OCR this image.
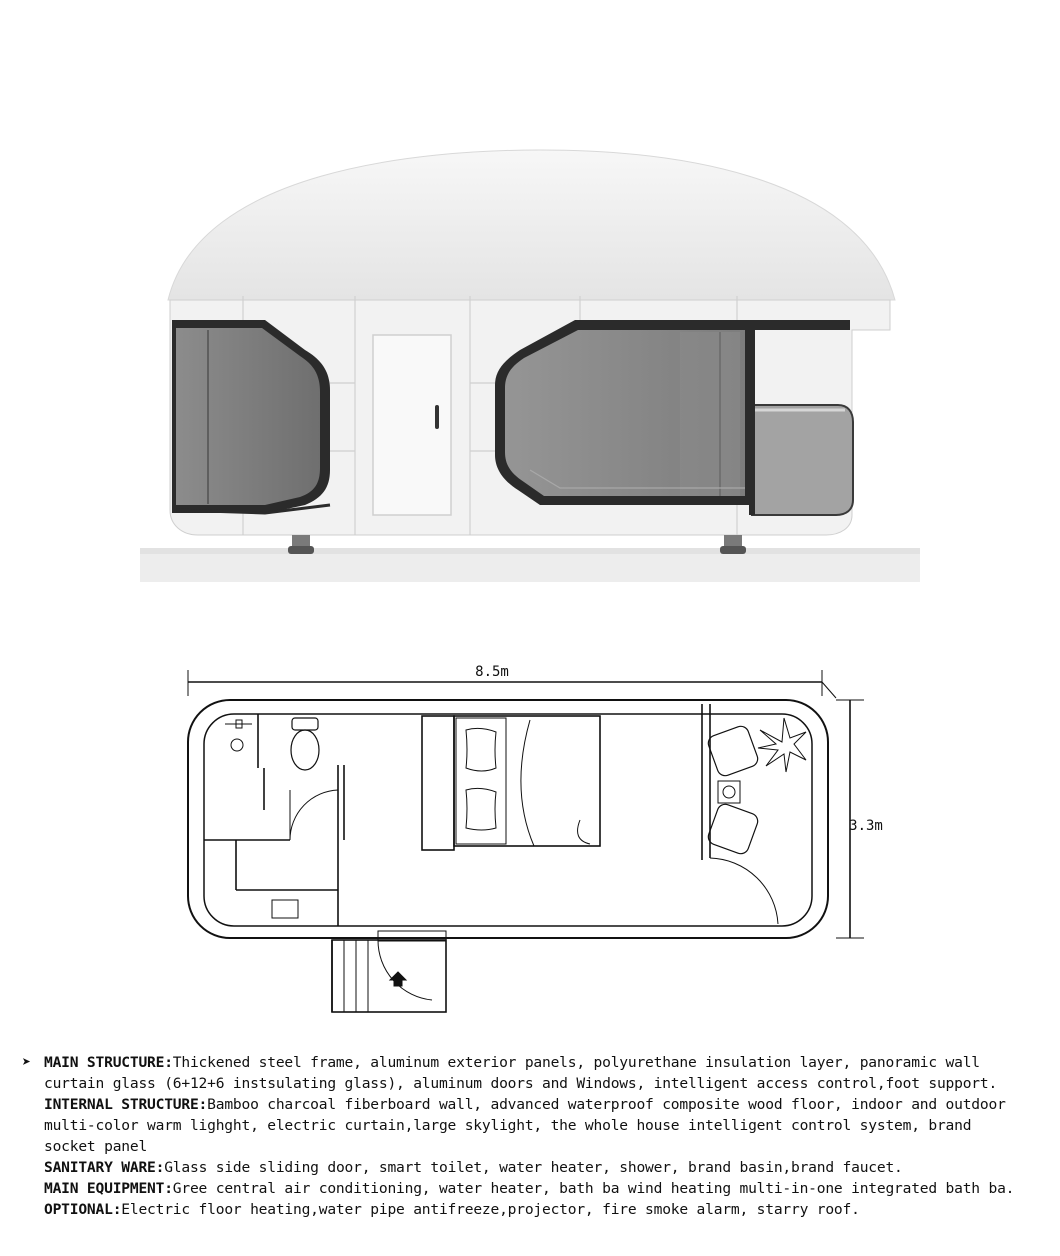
8.5m
3.3m
➤ MAIN STRUCTURE:Thickened steel frame, aluminum exterior panels, polyurethane insulation layer, panoramic wall
curtain glass (6+12+6 instsulating glass), aluminum doors and Windows, intelligent access control,foot support.
INTERNAL STRUCTURE:Bamboo charcoal fiberboard wall, advanced waterproof composite wood floor, indoor and outdoor
multi-color warm lighght, electric curtain,large skylight, the whole house intelligent control system, brand
socket panel
SANITARY WARE:Glass side sliding door, smart toilet, water heater, shower, brand basin,brand faucet.
MAIN EQUIPMENT:Gree central air conditioning, water heater, bath ba wind heating multi-in-one integrated bath ba.
OPTIONAL:Electric floor heating,water pipe antifreeze,projector, fire smoke alarm, starry roof.
